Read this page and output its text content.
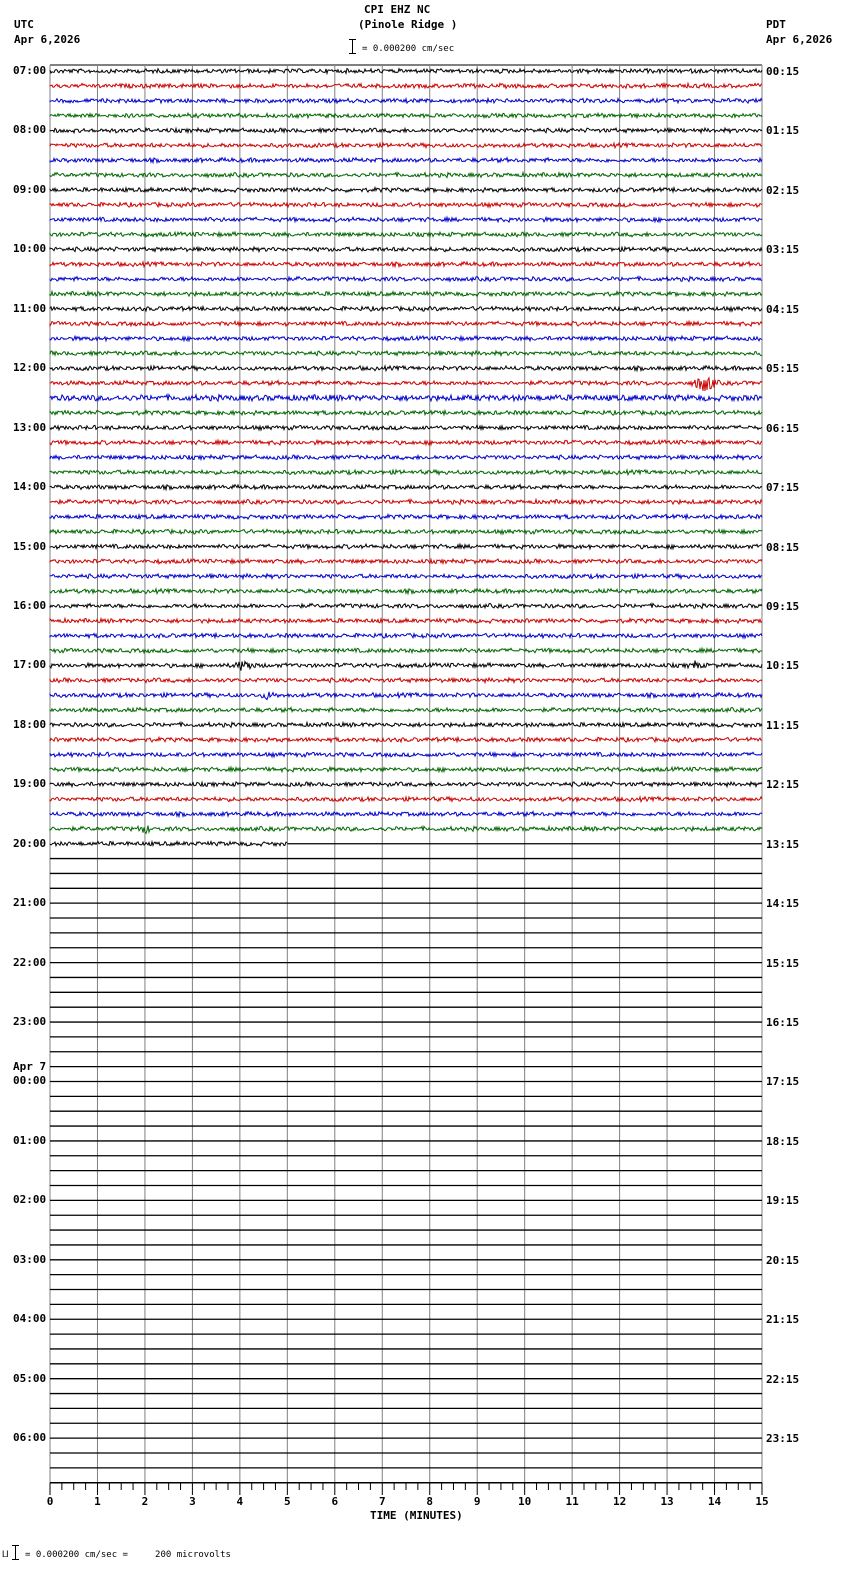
CPI EHZ NC
(Pinole Ridge )
UTC
Apr 6,2026
PDT
Apr 6,2026
= 0.000200 cm/sec
0	1	2	3	4	5	6	7	8	9	10	11	12	13	14	15
07:00
08:00
09:00
10:00
11:00
12:00
13:00
14:00
15:00
16:00
17:00
18:00
19:00
20:00
21:00
22:00
23:00
00:00
Apr 7
01:00
02:00
03:00
04:00
05:00
06:00
00:15
01:15
02:15
03:15
04:15
05:15
06:15
07:15
08:15
09:15
10:15
11:15
12:15
13:15
14:15
15:15
16:15
17:15
18:15
19:15
20:15
21:15
22:15
23:15
TIME (MINUTES)
⨿ = 0.000200 cm/sec =     200 microvolts
